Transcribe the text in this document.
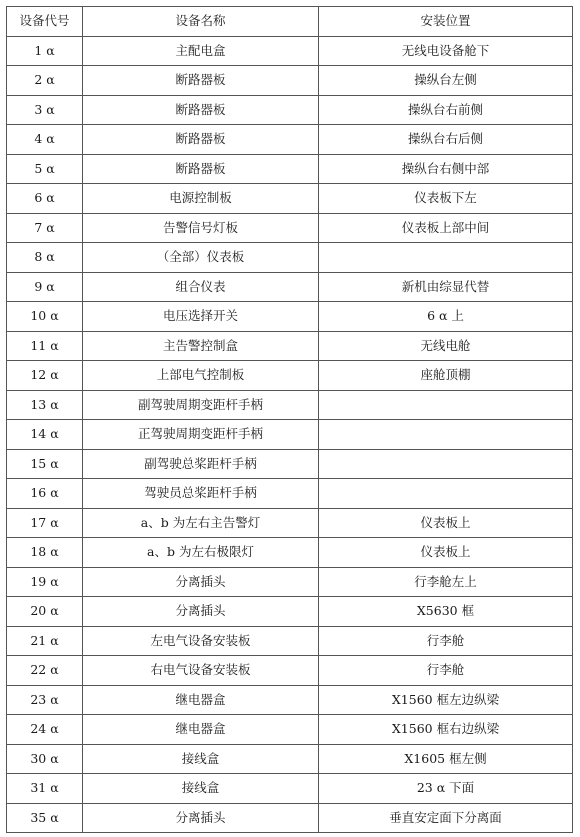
设备代号	设备名称	安装位置
1 α	主配电盒	无线电设备舱下
2 α	断路器板	操纵台左侧
3 α	断路器板	操纵台右前侧
4 α	断路器板	操纵台右后侧
5 α	断路器板	操纵台右侧中部
6 α	电源控制板	仪表板下左
7 α	告警信号灯板	仪表板上部中间
8 α	（全部）仪表板	
9 α	组合仪表	新机由综显代替
10 α	电压选择开关	6 α 上
11 α	主告警控制盒	无线电舱
12 α	上部电气控制板	座舱顶棚
13 α	副驾驶周期变距杆手柄	
14 α	正驾驶周期变距杆手柄	
15 α	副驾驶总桨距杆手柄	
16 α	驾驶员总桨距杆手柄	
17 α	a、b 为左右主告警灯	仪表板上
18 α	a、b 为左右极限灯	仪表板上
19 α	分离插头	行李舱左上
20 α	分离插头	X5630 框
21 α	左电气设备安装板	行李舱
22 α	右电气设备安装板	行李舱
23 α	继电器盒	X1560 框左边纵梁
24 α	继电器盒	X1560 框右边纵梁
30 α	接线盒	X1605 框左侧
31 α	接线盒	23 α 下面
35 α	分离插头	垂直安定面下分离面
